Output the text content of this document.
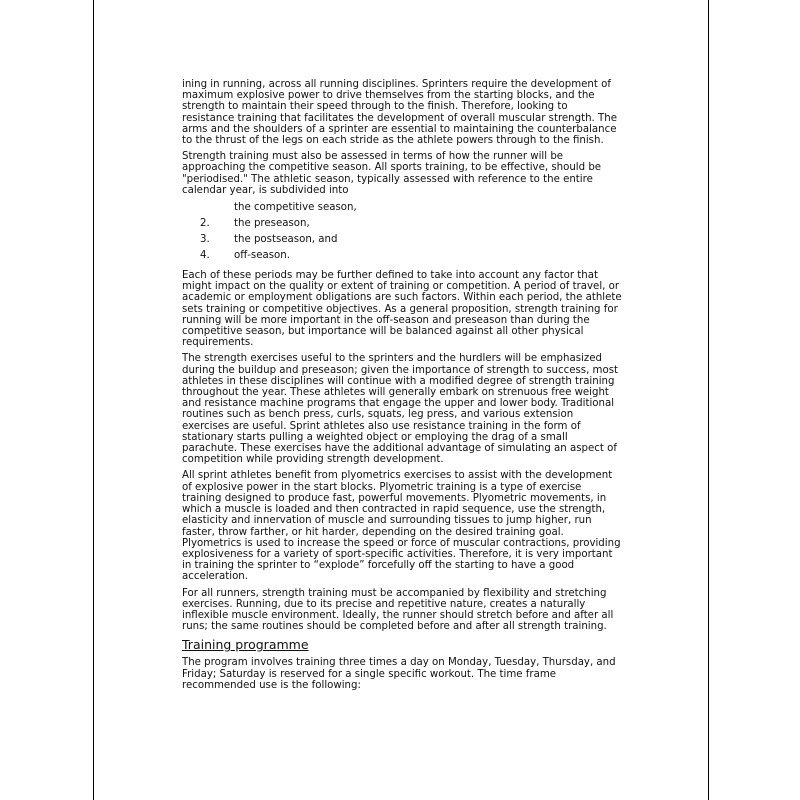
ining in running, across all running disciplines. Sprinters require the development of maximum explosive power to drive themselves from the starting blocks, and the strength to maintain their speed through to the finish. Therefore, looking to resistance training that facilitates the development of overall muscular strength. The arms and the shoulders of a sprinter are essential to maintaining the counterbalance to the thrust of the legs on each stride as the athlete powers through to the finish.

Strength training must also be assessed in terms of how the runner will be approaching the competitive season. All sports training, to be effective, should be "periodised." The athletic season, typically assessed with reference to the entire calendar year, is subdivided into

the competitive season,
2. the preseason,
3. the postseason, and
4. off-season.

Each of these periods may be further defined to take into account any factor that might impact on the quality or extent of training or competition. A period of travel, or academic or employment obligations are such factors. Within each period, the athlete sets training or competitive objectives. As a general proposition, strength training for running will be more important in the off-season and preseason than during the competitive season, but importance will be balanced against all other physical requirements.

The strength exercises useful to the sprinters and the hurdlers will be emphasized during the buildup and preseason; given the importance of strength to success, most athletes in these disciplines will continue with a modified degree of strength training throughout the year. These athletes will generally embark on strenuous free weight and resistance machine programs that engage the upper and lower body. Traditional routines such as bench press, curls, squats, leg press, and various extension exercises are useful. Sprint athletes also use resistance training in the form of stationary starts pulling a weighted object or employing the drag of a small parachute. These exercises have the additional advantage of simulating an aspect of competition while providing strength development.

All sprint athletes benefit from plyometrics exercises to assist with the development of explosive power in the start blocks. Plyometric training is a type of exercise training designed to produce fast, powerful movements. Plyometric movements, in which a muscle is loaded and then contracted in rapid sequence, use the strength, elasticity and innervation of muscle and surrounding tissues to jump higher, run faster, throw farther, or hit harder, depending on the desired training goal. Plyometrics is used to increase the speed or force of muscular contractions, providing explosiveness for a variety of sport-specific activities. Therefore, it is very important in training the sprinter to “explode” forcefully off the starting to have a good acceleration.

For all runners, strength training must be accompanied by flexibility and stretching exercises. Running, due to its precise and repetitive nature, creates a naturally inflexible muscle environment. Ideally, the runner should stretch before and after all runs; the same routines should be completed before and after all strength training.

Training programme

The program involves training three times a day on Monday, Tuesday, Thursday, and Friday; Saturday is reserved for a single specific workout. The time frame recommended use is the following:
